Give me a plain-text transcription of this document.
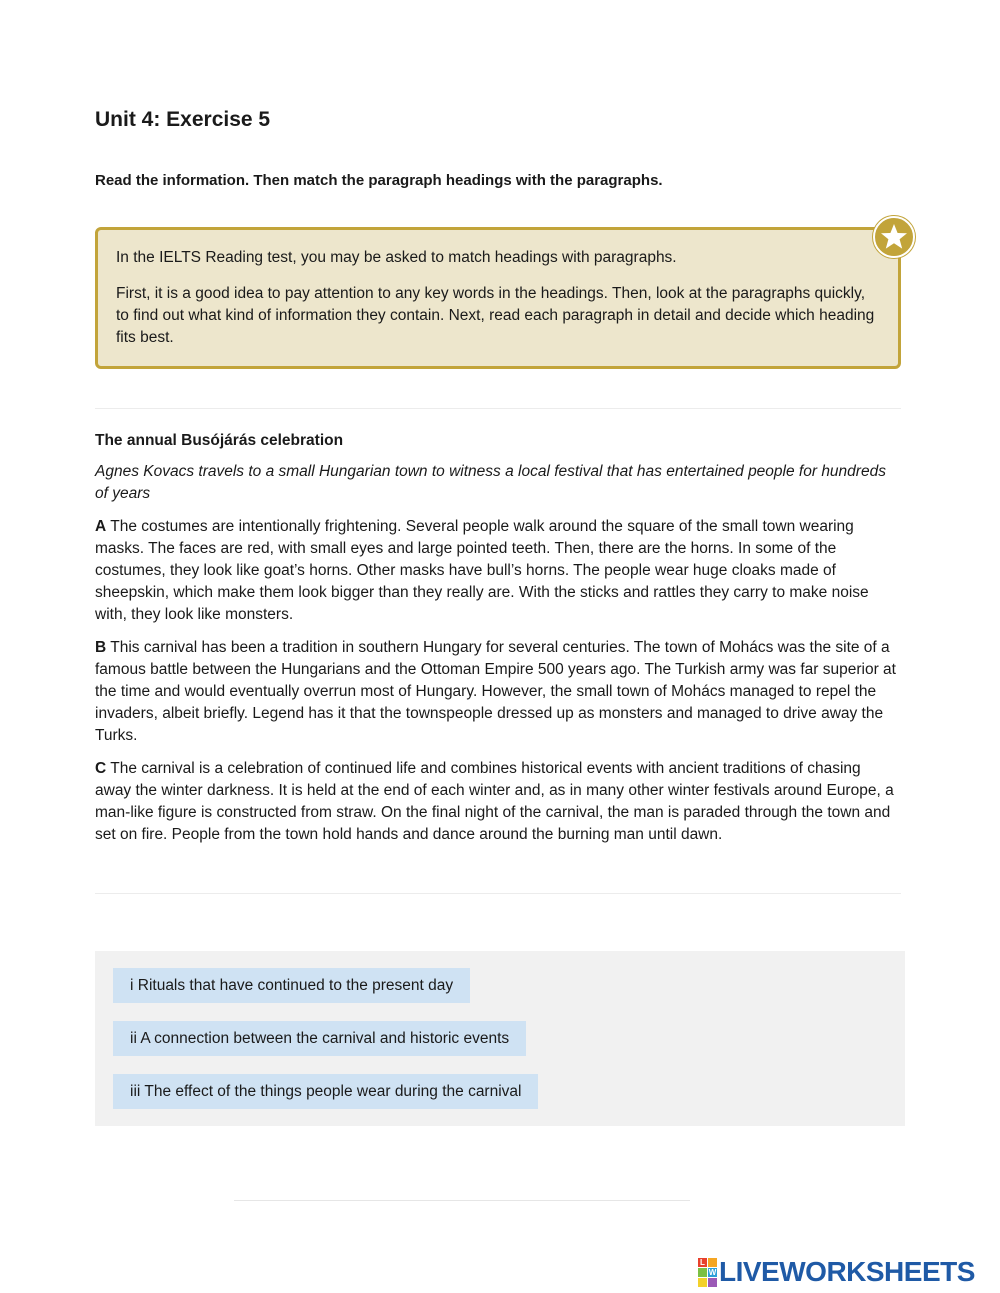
Unit 4: Exercise 5

Read the information. Then match the paragraph headings with the paragraphs.

In the IELTS Reading test, you may be asked to match headings with paragraphs.

First, it is a good idea to pay attention to any key words in the headings. Then, look at the paragraphs quickly, to find out what kind of information they contain. Next, read each paragraph in detail and decide which heading fits best.

The annual Busójárás celebration

Agnes Kovacs travels to a small Hungarian town to witness a local festival that has entertained people for hundreds of years

A The costumes are intentionally frightening. Several people walk around the square of the small town wearing masks. The faces are red, with small eyes and large pointed teeth. Then, there are the horns. In some of the costumes, they look like goat’s horns. Other masks have bull’s horns. The people wear huge cloaks made of sheepskin, which make them look bigger than they really are. With the sticks and rattles they carry to make noise with, they look like monsters.

B This carnival has been a tradition in southern Hungary for several centuries. The town of Mohács was the site of a famous battle between the Hungarians and the Ottoman Empire 500 years ago. The Turkish army was far superior at the time and would eventually overrun most of Hungary. However, the small town of Mohács managed to repel the invaders, albeit briefly. Legend has it that the townspeople dressed up as monsters and managed to drive away the Turks.

C The carnival is a celebration of continued life and combines historical events with ancient traditions of chasing away the winter darkness. It is held at the end of each winter and, as in many other winter festivals around Europe, a man-like figure is constructed from straw. On the final night of the carnival, the man is paraded through the town and set on fire. People from the town hold hands and dance around the burning man until dawn.

i Rituals that have continued to the present day
ii A connection between the carnival and historic events
iii The effect of the things people wear during the carnival
L
W LIVEWORKSHEETS
